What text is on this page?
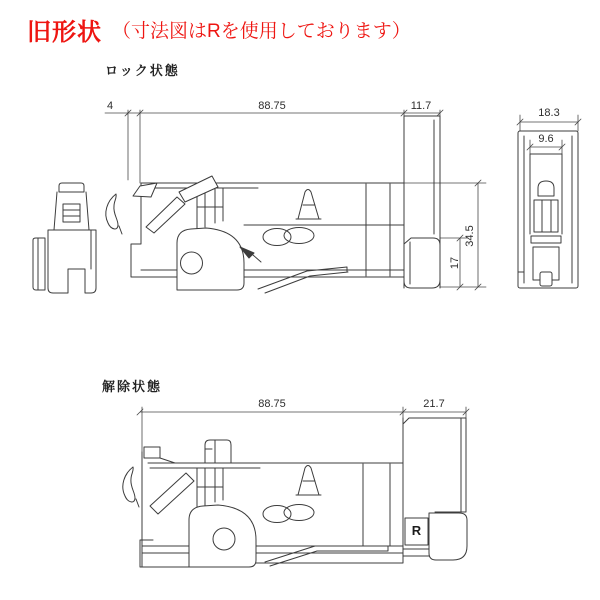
旧形状 （寸法図はRを使用しております）
ロック状態
解除状態
4	88.75	11.7
34.5
17
18.3
9.6
88.75	21.7
R
